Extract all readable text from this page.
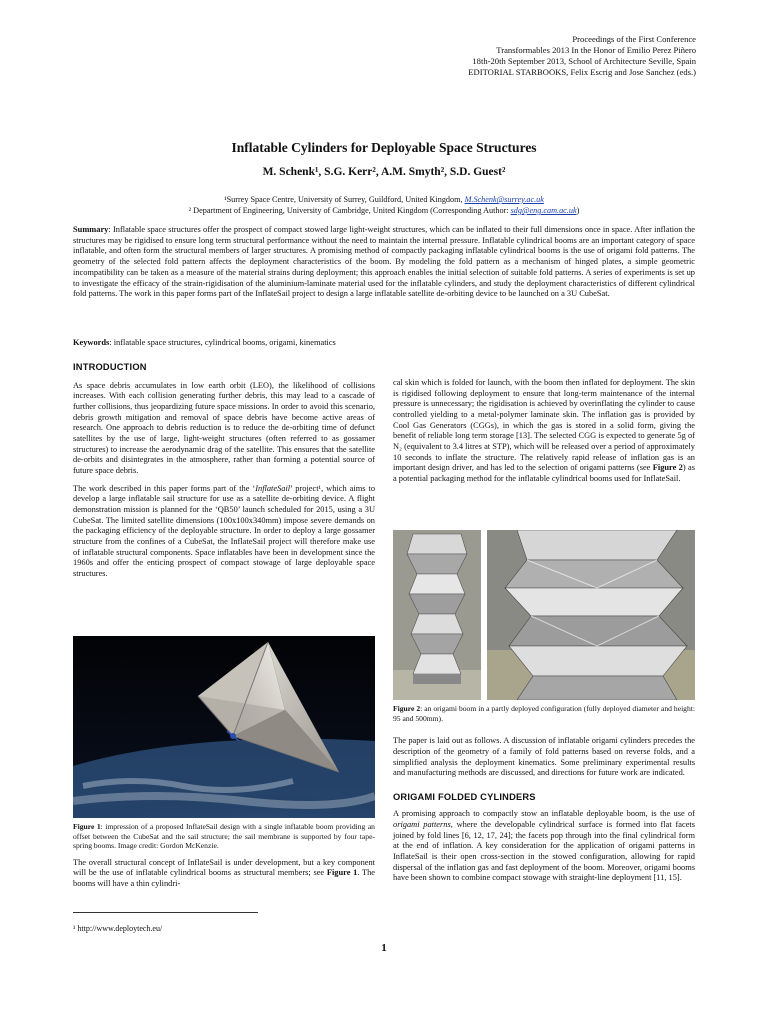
Proceedings of the First Conference
Transformables 2013 In the Honor of Emilio Perez Piñero
18th-20th September 2013, School of Architecture Seville, Spain
EDITORIAL STARBOOKS, Felix Escrig and Jose Sanchez (eds.)
Inflatable Cylinders for Deployable Space Structures
M. Schenk¹, S.G. Kerr², A.M. Smyth², S.D. Guest²
¹Surrey Space Centre, University of Surrey, Guildford, United Kingdom, M.Schenk@surrey.ac.uk
² Department of Engineering, University of Cambridge, United Kingdom (Corresponding Author: sdg@eng.cam.ac.uk)
Summary: Inflatable space structures offer the prospect of compact stowed large light-weight structures, which can be inflated to their full dimensions once in space. After inflation the structures may be rigidised to ensure long term structural performance without the need to maintain the internal pressure. Inflatable cylindrical booms are an important category of space inflatable, and often form the structural members of larger structures. A promising method of compactly packaging inflatable cylindrical booms is the use of origami fold patterns. The geometry of the selected fold pattern affects the deployment characteristics of the boom. By modeling the fold pattern as a mechanism of hinged plates, a simple geometric incompatibility can be taken as a measure of the material strains during deployment; this approach enables the initial selection of suitable fold patterns. A series of experiments is set up to investigate the efficacy of the strain-rigidisation of the aluminium-laminate material used for the inflatable cylinders, and study the deployment characteristics of different cylindrical fold patterns. The work in this paper forms part of the InflateSail project to design a large inflatable satellite de-orbiting device to be launched on a 3U CubeSat.
Keywords: inflatable space structures, cylindrical booms, origami, kinematics
INTRODUCTION

As space debris accumulates in low earth orbit (LEO), the likelihood of collisions increases. With each collision generating further debris, this may lead to a cascade of further collisions, thus jeopardizing future space missions. In order to avoid this scenario, debris growth mitigation and removal of space debris have become active areas of research. One approach to debris reduction is to reduce the de-orbiting time of defunct satellites by the use of large, light-weight structures (often referred to as gossamer structures) to increase the aerodynamic drag of the satellite. This ensures that the satellite de-orbits and disintegrates in the atmosphere, rather than forming a potential source of future space debris.

The work described in this paper forms part of the ‘InflateSail’ project¹, which aims to develop a large inflatable sail structure for use as a satellite de-orbiting device. A flight demonstration mission is planned for the ‘QB50’ launch scheduled for 2015, using a 3U CubeSat. The limited satellite dimensions (100x100x340mm) impose severe demands on the packaging efficiency of the deployable structure. In order to deploy a large gossamer structure from the confines of a CubeSat, the InflateSail project will therefore make use of inflatable structural components. Space inflatables have been in development since the 1960s and offer the enticing prospect of compact stowage of large deployable space structures.

Figure 1: impression of a proposed InflateSail design with a single inflatable boom providing an offset between the CubeSat and the sail structure; the sail membrane is supported by four tape-spring booms. Image credit: Gordon McKenzie.

The overall structural concept of InflateSail is under development, but a key component will be the use of inflatable cylindrical booms as structural members; see Figure 1. The booms will have a thin cylindri-

cal skin which is folded for launch, with the boom then inflated for deployment. The skin is rigidised following deployment to ensure that long-term maintenance of the internal pressure is unnecessary; the rigidisation is achieved by overinflating the cylinder to cause controlled yielding to a metal-polymer laminate skin. The inflation gas is provided by Cool Gas Generators (CGGs), in which the gas is stored in a solid form, giving the benefit of reliable long term storage [13]. The selected CGG is expected to generate 5g of N₂ (equivalent to 3.4 litres at STP), which will be released over a period of approximately 10 seconds to inflate the structure. The relatively rapid release of inflation gas is an important design driver, and has led to the selection of origami patterns (see Figure 2) as a potential packaging method for the inflatable cylindrical booms used for InflateSail.

Figure 2: an origami boom in a partly deployed configuration (fully deployed diameter and height: 95 and 500mm).

The paper is laid out as follows. A discussion of inflatable origami cylinders precedes the description of the geometry of a family of fold patterns based on reverse folds, and a simplified analysis the deployment kinematics. Some preliminary experimental results and manufacturing methods are discussed, and directions for future work are indicated.

ORIGAMI FOLDED CYLINDERS

A promising approach to compactly stow an inflatable deployable boom, is the use of origami patterns, where the developable cylindrical surface is formed into flat facets joined by fold lines [6, 12, 17, 24]; the facets pop through into the final cylindrical form at the end of inflation. A key consideration for the application of origami patterns in InflateSail is their open cross-section in the stowed configuration, allowing for rapid dispersal of the inflation gas and fast deployment of the boom. Moreover, origami booms have been shown to combine compact stowage with straight-line deployment [11, 15].

¹ http://www.deploytech.eu/
1
